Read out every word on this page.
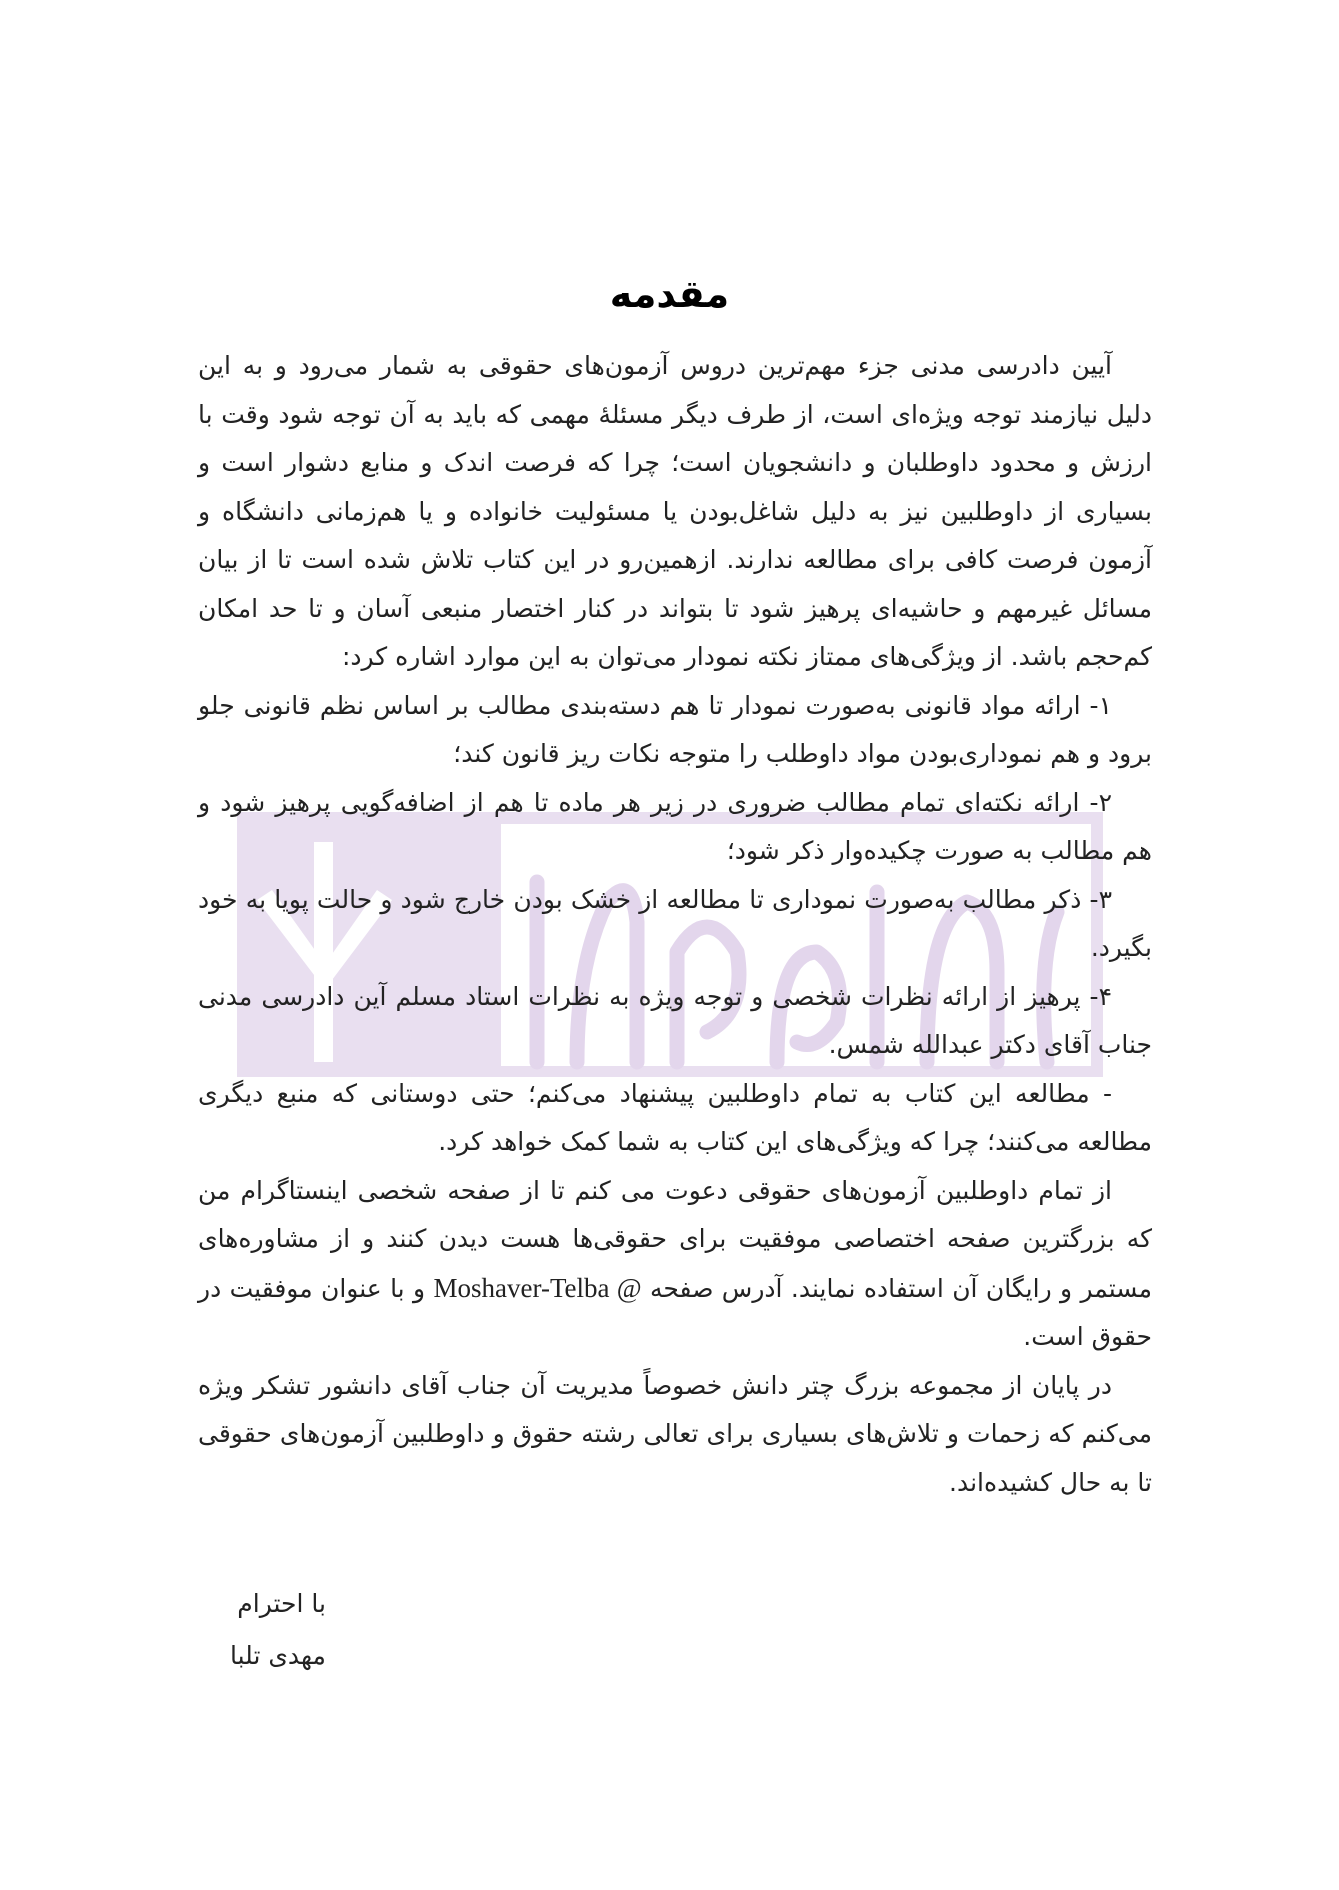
مقدمه

آیین دادرسی مدنی جزء مهم‌ترین دروس آزمون‌های حقوقی به شمار می‌رود و به این دلیل نیازمند توجه ویژه‌ای است، از طرف دیگر مسئلهٔ مهمی که باید به آن توجه شود وقت با ارزش و محدود داوطلبان و دانشجویان است؛ چرا که فرصت اندک و منابع دشوار است و بسیاری از داوطلبین نیز به دلیل شاغل‌بودن یا مسئولیت خانواده و یا هم‌زمانی دانشگاه و آزمون فرصت کافی برای مطالعه ندارند. ازهمین‌رو در این کتاب تلاش شده است تا از بیان مسائل غیرمهم و حاشیه‌ای پرهیز شود تا بتواند در کنار اختصار منبعی آسان و تا حد امکان کم‌حجم باشد. از ویژگی‌های ممتاز نکته نمودار می‌توان به این موارد اشاره کرد:

۱- ارائه مواد قانونی به‌صورت نمودار تا هم دسته‌بندی مطالب بر اساس نظم قانونی جلو برود و هم نموداری‌بودن مواد داوطلب را متوجه نکات ریز قانون کند؛

۲- ارائه نکته‌ای تمام مطالب ضروری در زیر هر ماده تا هم از اضافه‌گویی پرهیز شود و هم مطالب به صورت چکیده‌وار ذکر شود؛

۳- ذکر مطالب به‌صورت نموداری تا مطالعه از خشک بودن خارج شود و حالت پویا به خود بگیرد.

۴- پرهیز از ارائه نظرات شخصی و توجه ویژه به نظرات استاد مسلم آین دادرسی مدنی جناب آقای دکتر عبدالله شمس.

- مطالعه این کتاب به تمام داوطلبین پیشنهاد می‌کنم؛ حتی دوستانی که منبع دیگری مطالعه می‌کنند؛ چرا که ویژگی‌های این کتاب به شما کمک خواهد کرد.

از تمام داوطلبین آزمون‌های حقوقی دعوت می کنم تا از صفحه شخصی اینستاگرام من که بزرگترین صفحه اختصاصی موفقیت برای حقوقی‌ها هست دیدن کنند و از مشاوره‌های مستمر و رایگان آن استفاده نمایند. آدرس صفحه Moshaver-Telba @ و با عنوان موفقیت در حقوق است.

در پایان از مجموعه بزرگ چتر دانش خصوصاً مدیریت آن جناب آقای دانشور تشکر ویژه می‌کنم که زحمات و تلاش‌های بسیاری برای تعالی رشته حقوق و داوطلبین آزمون‌های حقوقی تا به حال کشیده‌اند.

با احترام
مهدی تلبا
